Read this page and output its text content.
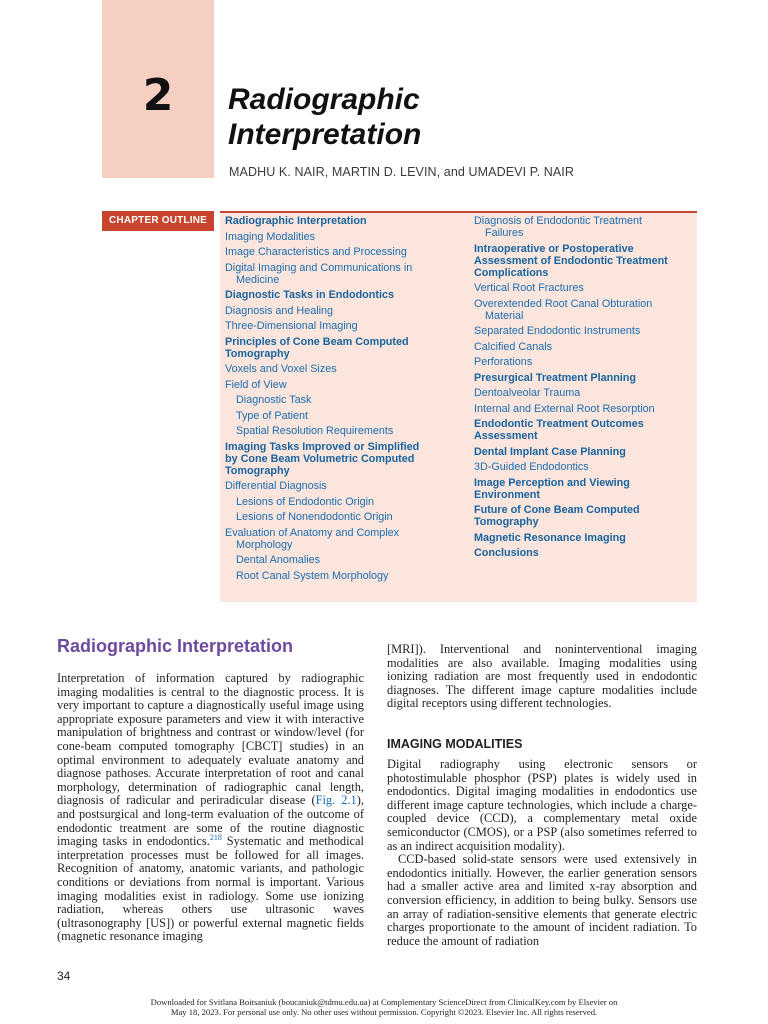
2	Radiographic
Interpretation
MADHU K. NAIR, MARTIN D. LEVIN, and UMADEVI P. NAIR
CHAPTER OUTLINE	Radiographic Interpretation
Imaging Modalities
Image Characteristics and Processing
Digital Imaging and Communications in
Medicine
Diagnostic Tasks in Endodontics
Diagnosis and Healing
Three-Dimensional Imaging
Principles of Cone Beam Computed
Tomography
Voxels and Voxel Sizes
Field of View
Diagnostic Task
Type of Patient
Spatial Resolution Requirements
Imaging Tasks Improved or Simplified
by Cone Beam Volumetric Computed
Tomography
Differential Diagnosis
Lesions of Endodontic Origin
Lesions of Nonendodontic Origin
Evaluation of Anatomy and Complex
Morphology
Dental Anomalies
Root Canal System Morphology
Diagnosis of Endodontic Treatment
Failures
Intraoperative or Postoperative
Assessment of Endodontic Treatment
Complications
Vertical Root Fractures
Overextended Root Canal Obturation
Material
Separated Endodontic Instruments
Calcified Canals
Perforations
Presurgical Treatment Planning
Dentoalveolar Trauma
Internal and External Root Resorption
Endodontic Treatment Outcomes
Assessment
Dental Implant Case Planning
3D-Guided Endodontics
Image Perception and Viewing
Environment
Future of Cone Beam Computed
Tomography
Magnetic Resonance Imaging
Conclusions
Radiographic Interpretation

Interpretation of information captured by radiographic imaging modalities is central to the diagnostic process. It is very important to capture a diagnostically useful image using appropriate exposure parameters and view it with interactive manipulation of brightness and contrast or window/level (for cone-beam computed tomography [CBCT] studies) in an optimal environment to adequately evaluate anatomy and diagnose pathoses. Accurate interpretation of root and canal morphology, determination of radiographic canal length, diagnosis of radicular and periradicular disease (Fig. 2.1), and postsurgical and long-term evaluation of the outcome of endodontic treatment are some of the routine diagnostic imaging tasks in endodontics.$^{218}$ Systematic and methodical interpretation processes must be followed for all images. Recognition of anatomy, anatomic variants, and pathologic conditions or deviations from normal is important. Various imaging modalities exist in radiology. Some use ionizing radiation, whereas others use ultrasonic waves (ultrasonography [US]) or powerful external magnetic fields (magnetic resonance imaging

[MRI]). Interventional and noninterventional imaging modalities are also available. Imaging modalities using ionizing radiation are most frequently used in endodontic diagnoses. The different image capture modalities include digital receptors using different technologies.

IMAGING MODALITIES
Digital radiography using electronic sensors or photostimulable phosphor (PSP) plates is widely used in endodontics. Digital imaging modalities in endodontics use different image capture technologies, which include a charge-coupled device (CCD), a complementary metal oxide semiconductor (CMOS), or a PSP (also sometimes referred to as an indirect acquisition modality).
CCD-based solid-state sensors were used extensively in endodontics initially. However, the earlier generation sensors had a smaller active area and limited x-ray absorption and conversion efficiency, in addition to being bulky. Sensors use an array of radiation-sensitive elements that generate electric charges proportionate to the amount of incident radiation. To reduce the amount of radiation
34
Downloaded for Svitlana Boitsaniuk (boucaniuk@tdmu.edu.ua) at Complementary ScienceDirect from ClinicalKey.com by Elsevier on
May 18, 2023. For personal use only. No other uses without permission. Copyright ©2023. Elsevier Inc. All rights reserved.
